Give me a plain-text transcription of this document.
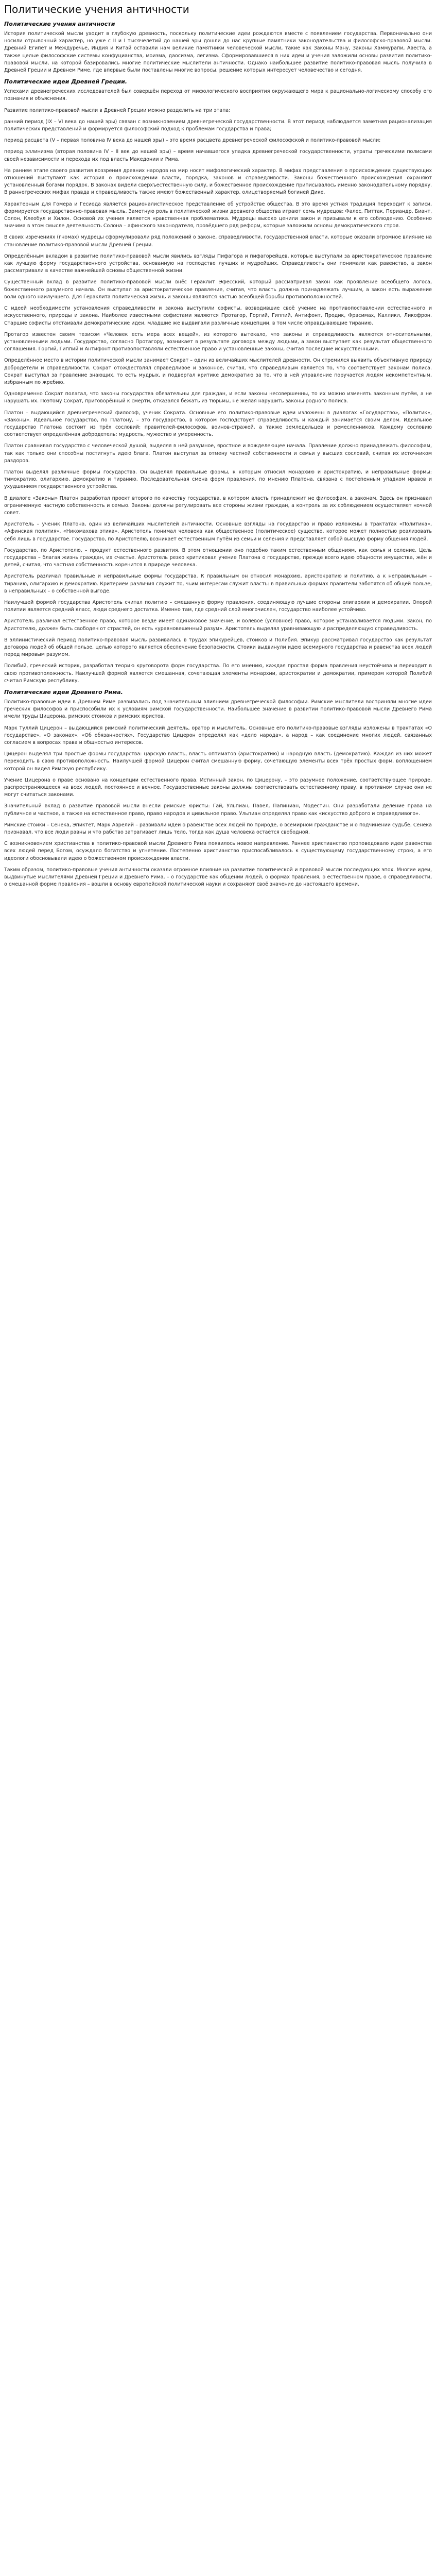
Политические учения античности
Политические учения античности

История политической мысли уходит в глубокую древность, поскольку политические идеи рождаются вместе с появлением государства. Первоначально они носили отрывочный характер, но уже с II и I тысячелетий до нашей эры дошли до нас крупные памятники законодательства и философско-правовой мысли. Древний Египет и Междуречье, Индия и Китай оставили нам великие памятники человеческой мысли, такие как Законы Ману, Законы Хаммурапи, Авеста, а также целые философские системы конфуцианства, моизма, даосизма, легизма. Сформировавшиеся в них идеи и учения заложили основы развития политико-правовой мысли, на которой базировались многие политические мыслители античности. Однако наибольшее развитие политико-правовая мысль получила в Древней Греции и Древнем Риме, где впервые были поставлены многие вопросы, решение которых интересует человечество и сегодня.

Политические идеи Древней Греции.

Успехами древнегреческих исследователей был совершён переход от мифологического восприятия окружающего мира к рационально-логическому способу его познания и объяснения.

Развитие политико-правовой мысли в Древней Греции можно разделить на три этапа:

ранний период (IX – VI века до нашей эры) связан с возникновением древнегреческой государственности. В этот период наблюдается заметная рационализация политических представлений и формируется философский подход к проблемам государства и права;

период расцвета (V – первая половина IV века до нашей эры) – это время расцвета древнегреческой философской и политико-правовой мысли;

период эллинизма (вторая половина IV – II век до нашей эры) – время начавшегося упадка древнегреческой государственности, утраты греческими полисами своей независимости и перехода их под власть Македонии и Рима.

На раннем этапе своего развития воззрения древних народов на мир носят мифологический характер. В мифах представления о происхождении существующих отношений выступают как история о происхождении власти, порядка, законов и справедливости. Законы божественного происхождения охраняют установленный богами порядок. В законах видели сверхъестественную силу, и божественное происхождение приписывалось именно законодательному порядку. В раннегреческих мифах правда и справедливость также имеют божественный характер, олицетворяемый богиней Дике.

Характерным для Гомера и Гесиода является рационалистическое представление об устройстве общества. В это время устная традиция переходит к записи, формируется государственно-правовая мысль. Заметную роль в политической жизни древнего общества играют семь мудрецов: Фалес, Питтак, Периандр, Биант, Солон, Клеобул и Хилон. Основой их учения является нравственная проблематика. Мудрецы высоко ценили закон и призывали к его соблюдению. Особенно значима в этом смысле деятельность Солона – афинского законодателя, провёдшего ряд реформ, которые заложили основы демократического строя.

В своих изречениях (гномах) мудрецы сформулировали ряд положений о законе, справедливости, государственной власти, которые оказали огромное влияние на становление политико-правовой мысли Древней Греции.

Определённым вкладом в развитие политико-правовой мысли явились взгляды Пифагора и пифагорейцев, которые выступали за аристократическое правление как лучшую форму государственного устройства, основанную на господстве лучших и мудрейших. Справедливость они понимали как равенство, а закон рассматривали в качестве важнейшей основы общественной жизни.

Существенный вклад в развитие политико-правовой мысли внёс Гераклит Эфесский, который рассматривал закон как проявление всеобщего логоса, божественного разумного начала. Он выступал за аристократическое правление, считая, что власть должна принадлежать лучшим, а закон есть выражение воли одного наилучшего. Для Гераклита политическая жизнь и законы являются частью всеобщей борьбы противоположностей.

С идеей необходимости установления справедливости и закона выступили софисты, возводившие своё учение на противопоставлении естественного и искусственного, природы и закона. Наиболее известными софистами являются Протагор, Горгий, Гиппий, Антифонт, Продик, Фрасимах, Калликл, Ликофрон. Старшие софисты отстаивали демократические идеи, младшие же выдвигали различные концепции, в том числе оправдывающие тиранию.

Протагор известен своим тезисом «Человек есть мера всех вещей», из которого вытекало, что законы и справедливость являются относительными, установленными людьми. Государство, согласно Протагору, возникает в результате договора между людьми, а закон выступает как результат общественного соглашения. Горгий, Гиппий и Антифонт противопоставляли естественное право и установленные законы, считая последние искусственными.

Определённое место в истории политической мысли занимает Сократ – один из величайших мыслителей древности. Он стремился выявить объективную природу добродетели и справедливости. Сократ отождествлял справедливое и законное, считая, что справедливым является то, что соответствует законам полиса. Сократ выступал за правление знающих, то есть мудрых, и подвергал критике демократию за то, что в ней управление поручается людям некомпетентным, избранным по жребию.

Одновременно Сократ полагал, что законы государства обязательны для граждан, и если законы несовершенны, то их можно изменять законным путём, а не нарушать их. Поэтому Сократ, приговорённый к смерти, отказался бежать из тюрьмы, не желая нарушить законы родного полиса.

Платон – выдающийся древнегреческий философ, ученик Сократа. Основные его политико-правовые идеи изложены в диалогах «Государство», «Политик», «Законы». Идеальное государство, по Платону, – это государство, в котором господствует справедливость и каждый занимается своим делом. Идеальное государство Платона состоит из трёх сословий: правителей-философов, воинов-стражей, а также земледельцев и ремесленников. Каждому сословию соответствует определённая добродетель: мудрость, мужество и умеренность.

Платон сравнивал государство с человеческой душой, выделяя в ней разумное, яростное и вожделеющее начала. Правление должно принадлежать философам, так как только они способны постигнуть идею блага. Платон выступал за отмену частной собственности и семьи у высших сословий, считая их источником раздоров.

Платон выделял различные формы государства. Он выделял правильные формы, к которым относил монархию и аристократию, и неправильные формы: тимократию, олигархию, демократию и тиранию. Последовательная смена форм правления, по мнению Платона, связана с постепенным упадком нравов и ухудшением государственного устройства.

В диалоге «Законы» Платон разработал проект второго по качеству государства, в котором власть принадлежит не философам, а законам. Здесь он признавал ограниченную частную собственность и семью. Законы должны регулировать все стороны жизни граждан, а контроль за их соблюдением осуществляет ночной совет.

Аристотель – ученик Платона, один из величайших мыслителей античности. Основные взгляды на государство и право изложены в трактатах «Политика», «Афинская полития», «Никомахова этика». Аристотель понимал человека как общественное (политическое) существо, которое может полностью реализовать себя лишь в государстве. Государство, по Аристотелю, возникает естественным путём из семьи и селения и представляет собой высшую форму общения людей.

Государство, по Аристотелю, – продукт естественного развития. В этом отношении оно подобно таким естественным общениям, как семья и селение. Цель государства – благая жизнь граждан, их счастье. Аристотель резко критиковал учение Платона о государстве, прежде всего идею общности имущества, жён и детей, считая, что частная собственность коренится в природе человека.

Аристотель различал правильные и неправильные формы государства. К правильным он относил монархию, аристократию и политию, а к неправильным – тиранию, олигархию и демократию. Критерием различия служит то, чьим интересам служит власть: в правильных формах правители заботятся об общей пользе, в неправильных – о собственной выгоде.

Наилучшей формой государства Аристотель считал политию – смешанную форму правления, соединяющую лучшие стороны олигархии и демократии. Опорой политии является средний класс, люди среднего достатка. Именно там, где средний слой многочислен, государство наиболее устойчиво.

Аристотель различал естественное право, которое везде имеет одинаковое значение, и волевое (условное) право, которое устанавливается людьми. Закон, по Аристотелю, должен быть свободен от страстей, он есть «уравновешенный разум». Аристотель выделял уравнивающую и распределяющую справедливость.

В эллинистический период политико-правовая мысль развивалась в трудах эпикурейцев, стоиков и Полибия. Эпикур рассматривал государство как результат договора людей об общей пользе, целью которого является обеспечение безопасности. Стоики выдвинули идею всемирного государства и равенства всех людей перед мировым разумом.

Полибий, греческий историк, разработал теорию круговорота форм государства. По его мнению, каждая простая форма правления неустойчива и переходит в свою противоположность. Наилучшей формой является смешанная, сочетающая элементы монархии, аристократии и демократии, примером которой Полибий считал Римскую республику.

Политические идеи Древнего Рима.

Политико-правовые идеи в Древнем Риме развивались под значительным влиянием древнегреческой философии. Римские мыслители восприняли многие идеи греческих философов и приспособили их к условиям римской государственности. Наибольшее значение в развитии политико-правовой мысли Древнего Рима имели труды Цицерона, римских стоиков и римских юристов.

Марк Туллий Цицерон – выдающийся римский политический деятель, оратор и мыслитель. Основные его политико-правовые взгляды изложены в трактатах «О государстве», «О законах», «Об обязанностях». Государство Цицерон определял как «дело народа», а народ – как соединение многих людей, связанных согласием в вопросах права и общностью интересов.

Цицерон выделял три простые формы государства: царскую власть, власть оптиматов (аристократию) и народную власть (демократию). Каждая из них может переходить в свою противоположность. Наилучшей формой Цицерон считал смешанную форму, сочетающую элементы всех трёх простых форм, воплощением которой он видел Римскую республику.

Учение Цицерона о праве основано на концепции естественного права. Истинный закон, по Цицерону, – это разумное положение, соответствующее природе, распространяющееся на всех людей, постоянное и вечное. Государственные законы должны соответствовать естественному праву, в противном случае они не могут считаться законами.

Значительный вклад в развитие правовой мысли внесли римские юристы: Гай, Ульпиан, Павел, Папиниан, Модестин. Они разработали деление права на публичное и частное, а также на естественное право, право народов и цивильное право. Ульпиан определял право как «искусство доброго и справедливого».

Римские стоики – Сенека, Эпиктет, Марк Аврелий – развивали идеи о равенстве всех людей по природе, о всемирном гражданстве и о подчинении судьбе. Сенека признавал, что все люди равны и что рабство затрагивает лишь тело, тогда как душа человека остаётся свободной.

С возникновением христианства в политико-правовой мысли Древнего Рима появилось новое направление. Раннее христианство проповедовало идеи равенства всех людей перед Богом, осуждало богатство и угнетение. Постепенно христианство приспосабливалось к существующему государственному строю, а его идеологи обосновывали идею о божественном происхождении власти.

Таким образом, политико-правовые учения античности оказали огромное влияние на развитие политической и правовой мысли последующих эпох. Многие идеи, выдвинутые мыслителями Древней Греции и Древнего Рима, – о государстве как общении людей, о формах правления, о естественном праве, о справедливости, о смешанной форме правления – вошли в основу европейской политической науки и сохраняют своё значение до настоящего времени.
